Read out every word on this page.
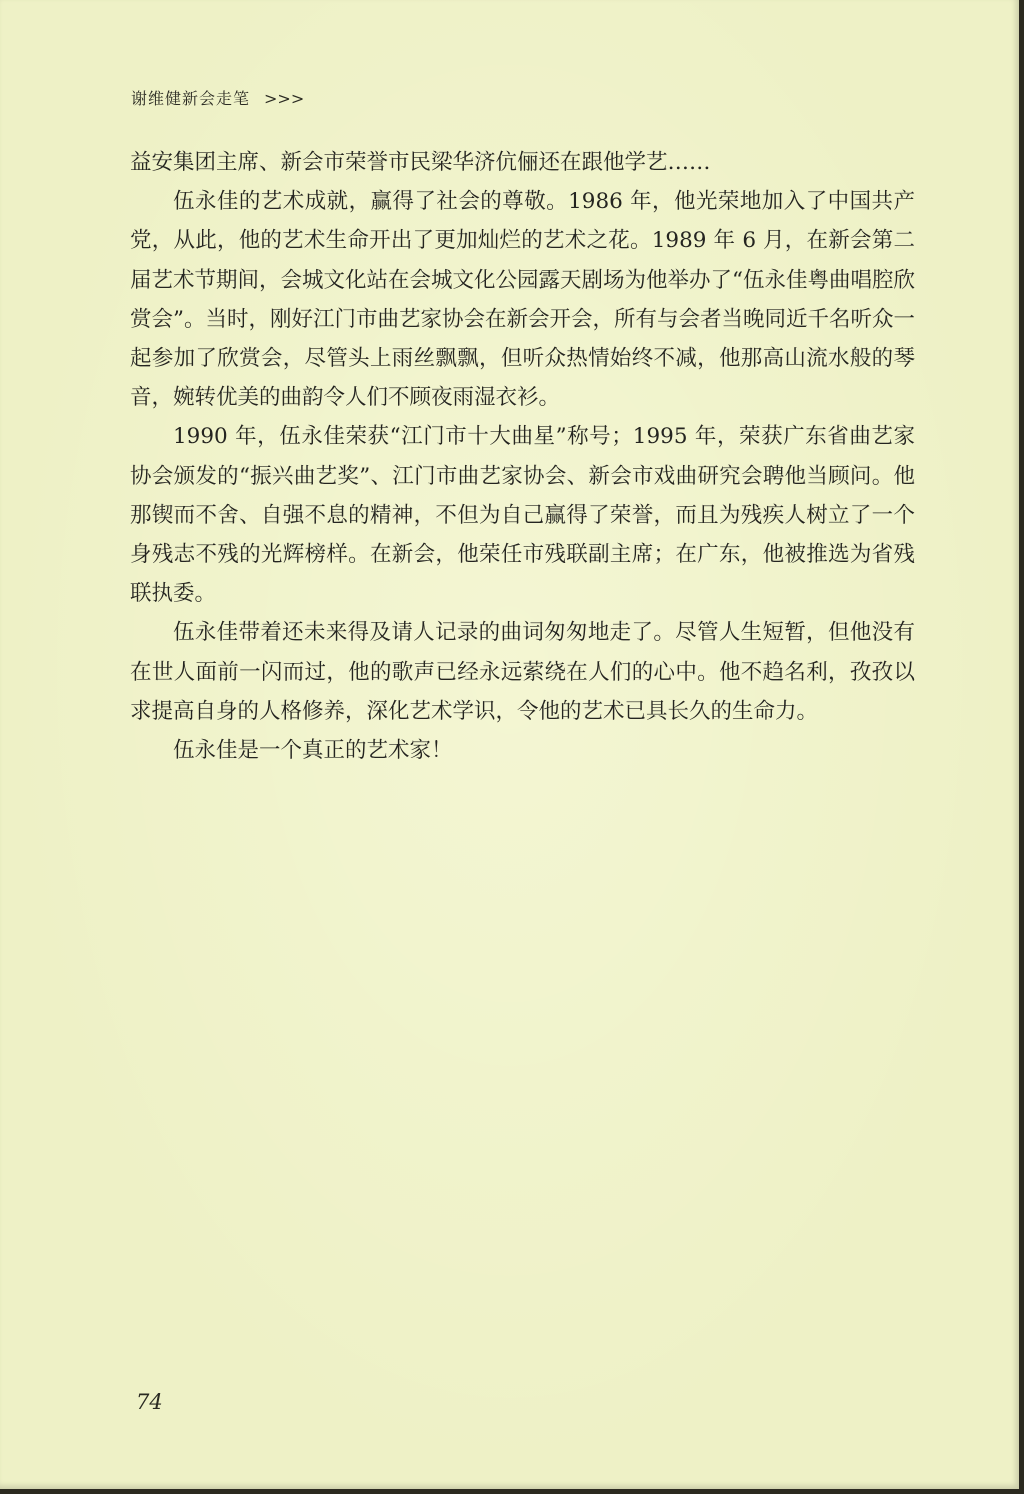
谢维健新会走笔 >>>

益安集团主席、新会市荣誉市民梁华济伉俪还在跟他学艺……

伍永佳的艺术成就，赢得了社会的尊敬。1986 年，他光荣地加入了中国共产党，从此，他的艺术生命开出了更加灿烂的艺术之花。1989 年 6 月，在新会第二届艺术节期间，会城文化站在会城文化公园露天剧场为他举办了“伍永佳粤曲唱腔欣赏会”。当时，刚好江门市曲艺家协会在新会开会，所有与会者当晚同近千名听众一起参加了欣赏会，尽管头上雨丝飘飘，但听众热情始终不减，他那高山流水般的琴音，婉转优美的曲韵令人们不顾夜雨湿衣衫。

1990 年，伍永佳荣获“江门市十大曲星”称号；1995 年，荣获广东省曲艺家协会颁发的“振兴曲艺奖”、江门市曲艺家协会、新会市戏曲研究会聘他当顾问。他那锲而不舍、自强不息的精神，不但为自己赢得了荣誉，而且为残疾人树立了一个身残志不残的光辉榜样。在新会，他荣任市残联副主席；在广东，他被推选为省残联执委。

伍永佳带着还未来得及请人记录的曲词匆匆地走了。尽管人生短暂，但他没有在世人面前一闪而过，他的歌声已经永远萦绕在人们的心中。他不趋名利，孜孜以求提高自身的人格修养，深化艺术学识，令他的艺术已具长久的生命力。

伍永佳是一个真正的艺术家！

74
